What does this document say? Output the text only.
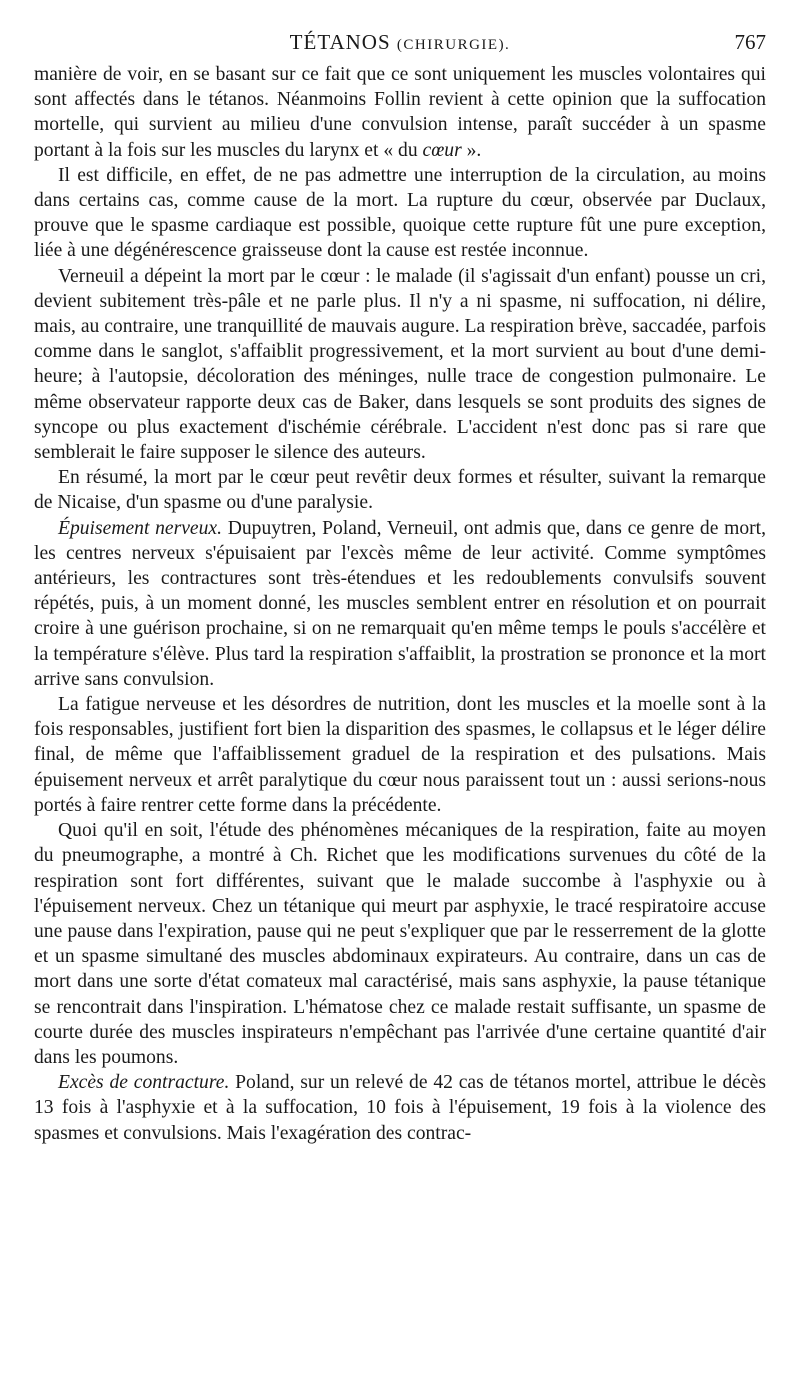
TÉTANOS (CHIRURGIE).	767

manière de voir, en se basant sur ce fait que ce sont uniquement les muscles volontaires qui sont affectés dans le tétanos. Néanmoins Follin revient à cette opinion que la suffocation mortelle, qui survient au milieu d'une convulsion intense, paraît succéder à un spasme portant à la fois sur les muscles du larynx et « du cœur ».

Il est difficile, en effet, de ne pas admettre une interruption de la circulation, au moins dans certains cas, comme cause de la mort. La rupture du cœur, observée par Duclaux, prouve que le spasme cardiaque est possible, quoique cette rupture fût une pure exception, liée à une dégénérescence graisseuse dont la cause est restée inconnue.

Verneuil a dépeint la mort par le cœur : le malade (il s'agissait d'un enfant) pousse un cri, devient subitement très-pâle et ne parle plus. Il n'y a ni spasme, ni suffocation, ni délire, mais, au contraire, une tranquillité de mauvais augure. La respiration brève, saccadée, parfois comme dans le sanglot, s'affaiblit progressivement, et la mort survient au bout d'une demi-heure; à l'autopsie, décoloration des méninges, nulle trace de congestion pulmonaire. Le même observateur rapporte deux cas de Baker, dans lesquels se sont produits des signes de syncope ou plus exactement d'ischémie cérébrale. L'accident n'est donc pas si rare que semblerait le faire supposer le silence des auteurs.

En résumé, la mort par le cœur peut revêtir deux formes et résulter, suivant la remarque de Nicaise, d'un spasme ou d'une paralysie.

Épuisement nerveux. Dupuytren, Poland, Verneuil, ont admis que, dans ce genre de mort, les centres nerveux s'épuisaient par l'excès même de leur activité. Comme symptômes antérieurs, les contractures sont très-étendues et les redoublements convulsifs souvent répétés, puis, à un moment donné, les muscles semblent entrer en résolution et on pourrait croire à une guérison prochaine, si on ne remarquait qu'en même temps le pouls s'accélère et la température s'élève. Plus tard la respiration s'affaiblit, la prostration se prononce et la mort arrive sans convulsion.

La fatigue nerveuse et les désordres de nutrition, dont les muscles et la moelle sont à la fois responsables, justifient fort bien la disparition des spasmes, le collapsus et le léger délire final, de même que l'affaiblissement graduel de la respiration et des pulsations. Mais épuisement nerveux et arrêt paralytique du cœur nous paraissent tout un : aussi serions-nous portés à faire rentrer cette forme dans la précédente.

Quoi qu'il en soit, l'étude des phénomènes mécaniques de la respiration, faite au moyen du pneumographe, a montré à Ch. Richet que les modifications survenues du côté de la respiration sont fort différentes, suivant que le malade succombe à l'asphyxie ou à l'épuisement nerveux. Chez un tétanique qui meurt par asphyxie, le tracé respiratoire accuse une pause dans l'expiration, pause qui ne peut s'expliquer que par le resserrement de la glotte et un spasme simultané des muscles abdominaux expirateurs. Au contraire, dans un cas de mort dans une sorte d'état comateux mal caractérisé, mais sans asphyxie, la pause tétanique se rencontrait dans l'inspiration. L'hématose chez ce malade restait suffisante, un spasme de courte durée des muscles inspirateurs n'empêchant pas l'arrivée d'une certaine quantité d'air dans les poumons.

Excès de contracture. Poland, sur un relevé de 42 cas de tétanos mortel, attribue le décès 13 fois à l'asphyxie et à la suffocation, 10 fois à l'épuisement, 19 fois à la violence des spasmes et convulsions. Mais l'exagération des contrac-
